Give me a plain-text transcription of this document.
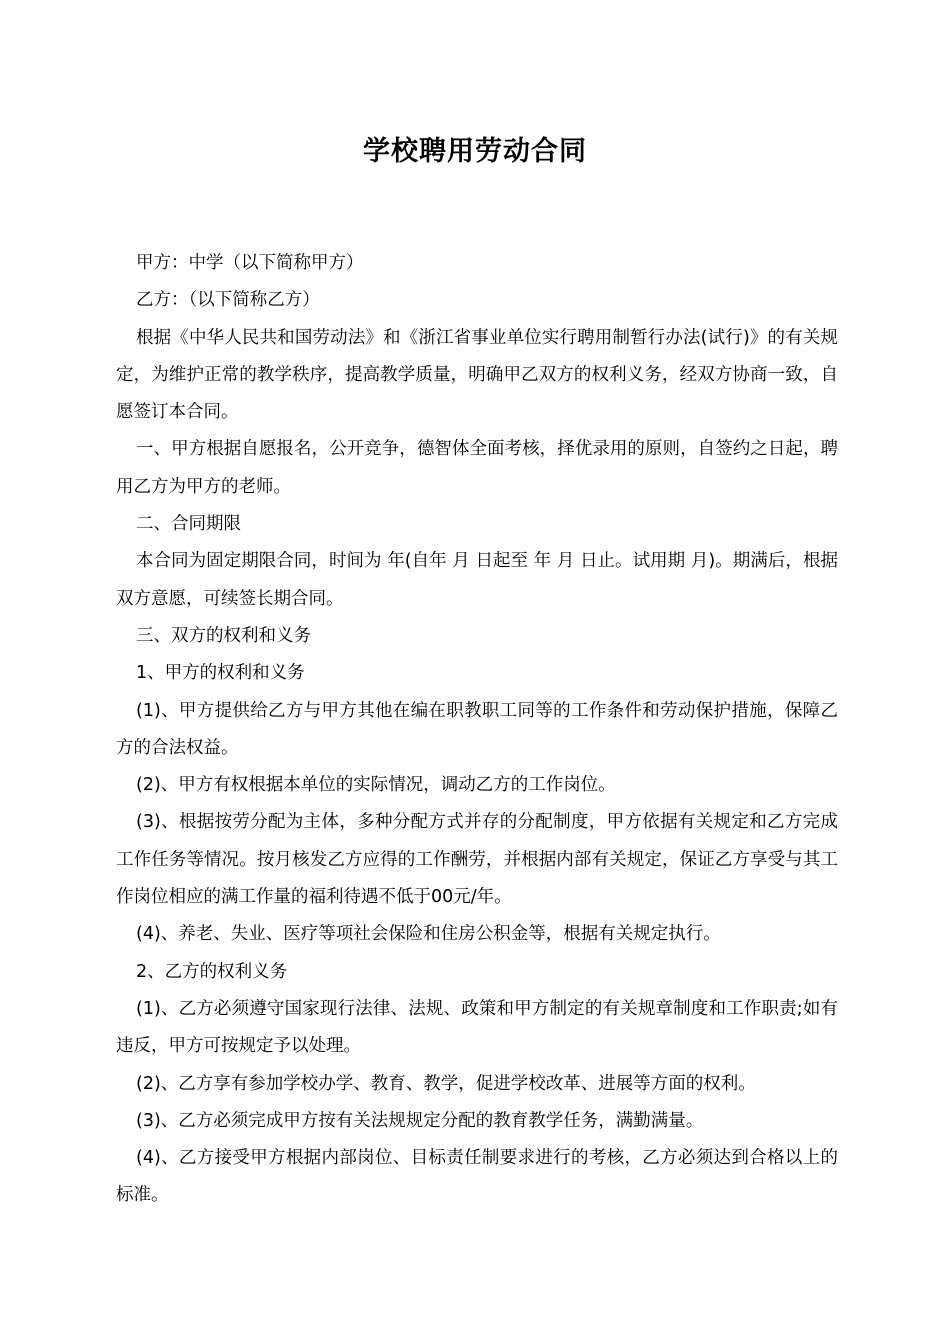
学校聘用劳动合同

甲方：中学（以下简称甲方）

乙方：（以下简称乙方）

根据《中华人民共和国劳动法》和《浙江省事业单位实行聘用制暂行办法(试行)》的有关规定，为维护正常的教学秩序，提高教学质量，明确甲乙双方的权利义务，经双方协商一致，自愿签订本合同。

一、甲方根据自愿报名，公开竞争，德智体全面考核，择优录用的原则，自签约之日起，聘用乙方为甲方的老师。

二、合同期限

本合同为固定期限合同，时间为 年(自年 月 日起至 年 月 日止。试用期 月)。期满后，根据双方意愿，可续签长期合同。

三、双方的权利和义务

1、甲方的权利和义务

(1)、甲方提供给乙方与甲方其他在编在职教职工同等的工作条件和劳动保护措施，保障乙方的合法权益。

(2)、甲方有权根据本单位的实际情况，调动乙方的工作岗位。

(3)、根据按劳分配为主体，多种分配方式并存的分配制度，甲方依据有关规定和乙方完成工作任务等情况。按月核发乙方应得的工作酬劳，并根据内部有关规定，保证乙方享受与其工作岗位相应的满工作量的福利待遇不低于00元/年。

(4)、养老、失业、医疗等项社会保险和住房公积金等，根据有关规定执行。

2、乙方的权利义务

(1)、乙方必须遵守国家现行法律、法规、政策和甲方制定的有关规章制度和工作职责;如有违反，甲方可按规定予以处理。

(2)、乙方享有参加学校办学、教育、教学，促进学校改革、进展等方面的权利。

(3)、乙方必须完成甲方按有关法规规定分配的教育教学任务，满勤满量。

(4)、乙方接受甲方根据内部岗位、目标责任制要求进行的考核，乙方必须达到合格以上的标准。
